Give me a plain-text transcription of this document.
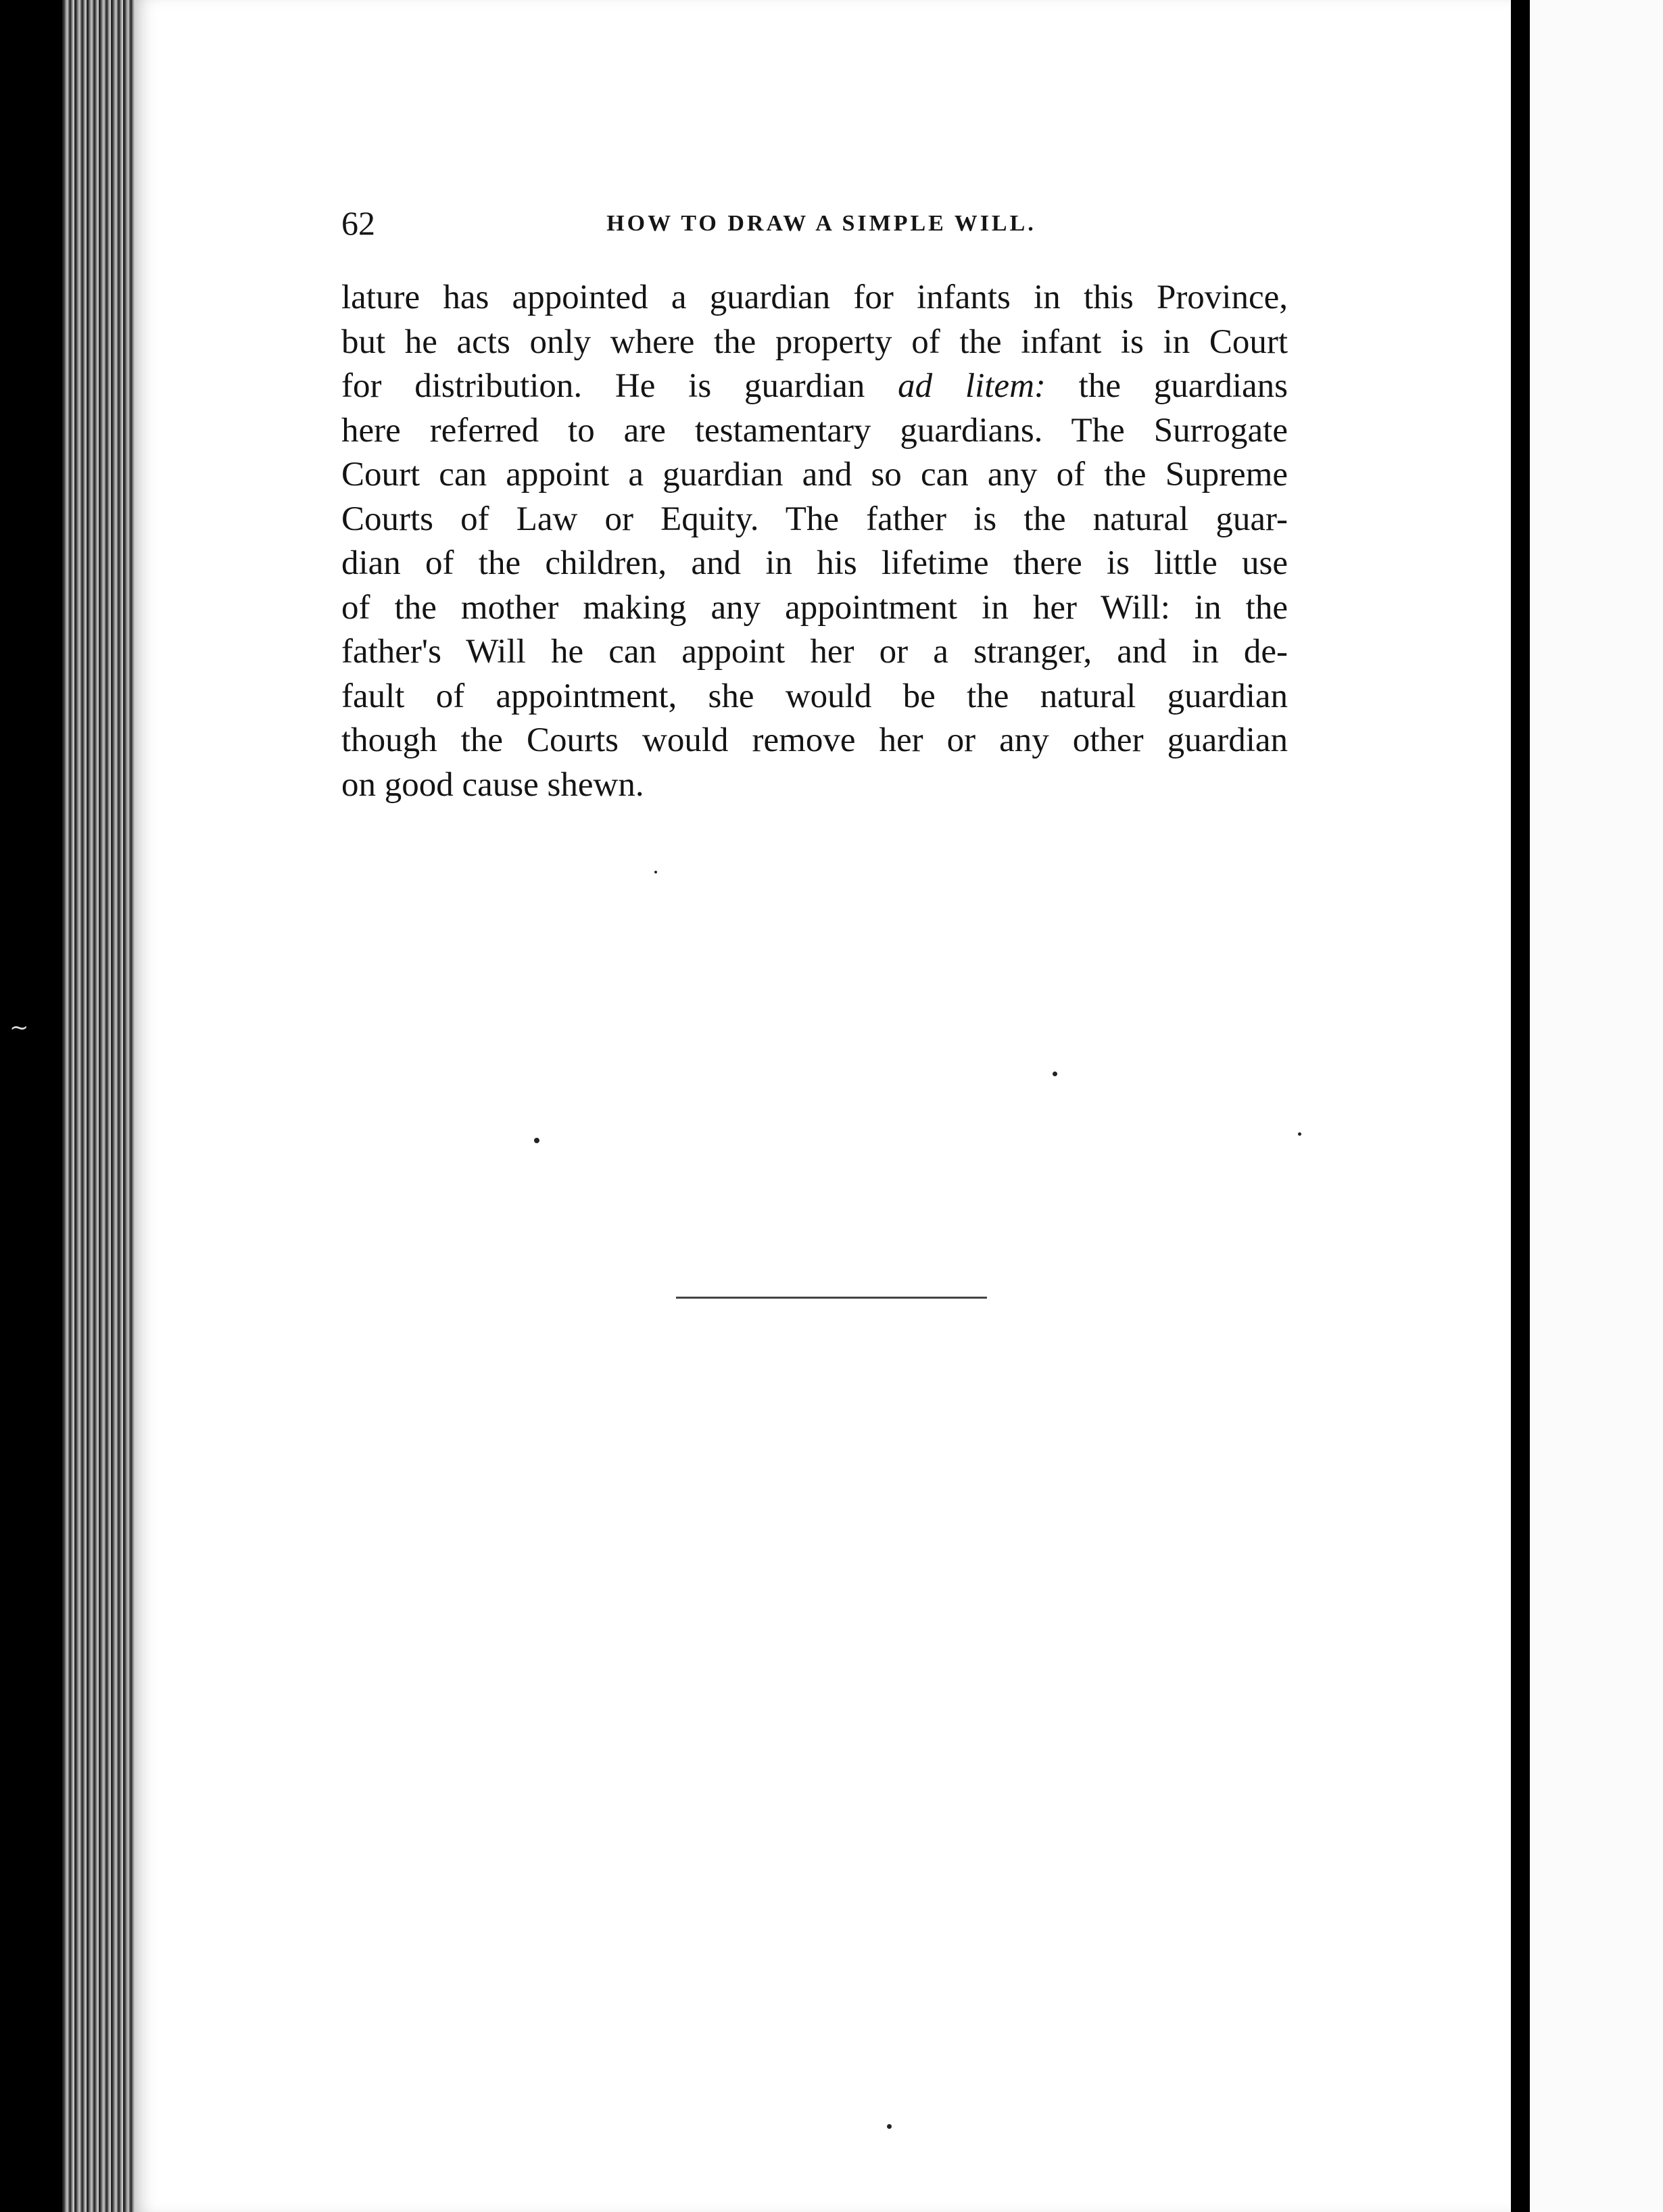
~
62	HOW TO DRAW A SIMPLE WILL.
lature has appointed a guardian for infants in this Province,
but he acts only where the property of the infant is in Court
for distribution. He is guardian ad litem: the guardians
here referred to are testamentary guardians. The Surrogate
Court can appoint a guardian and so can any of the Supreme
Courts of Law or Equity. The father is the natural guar-
dian of the children, and in his lifetime there is little use
of the mother making any appointment in her Will: in the
father's Will he can appoint her or a stranger, and in de-
fault of appointment, she would be the natural guardian
though the Courts would remove her or any other guardian
on good cause shewn.
